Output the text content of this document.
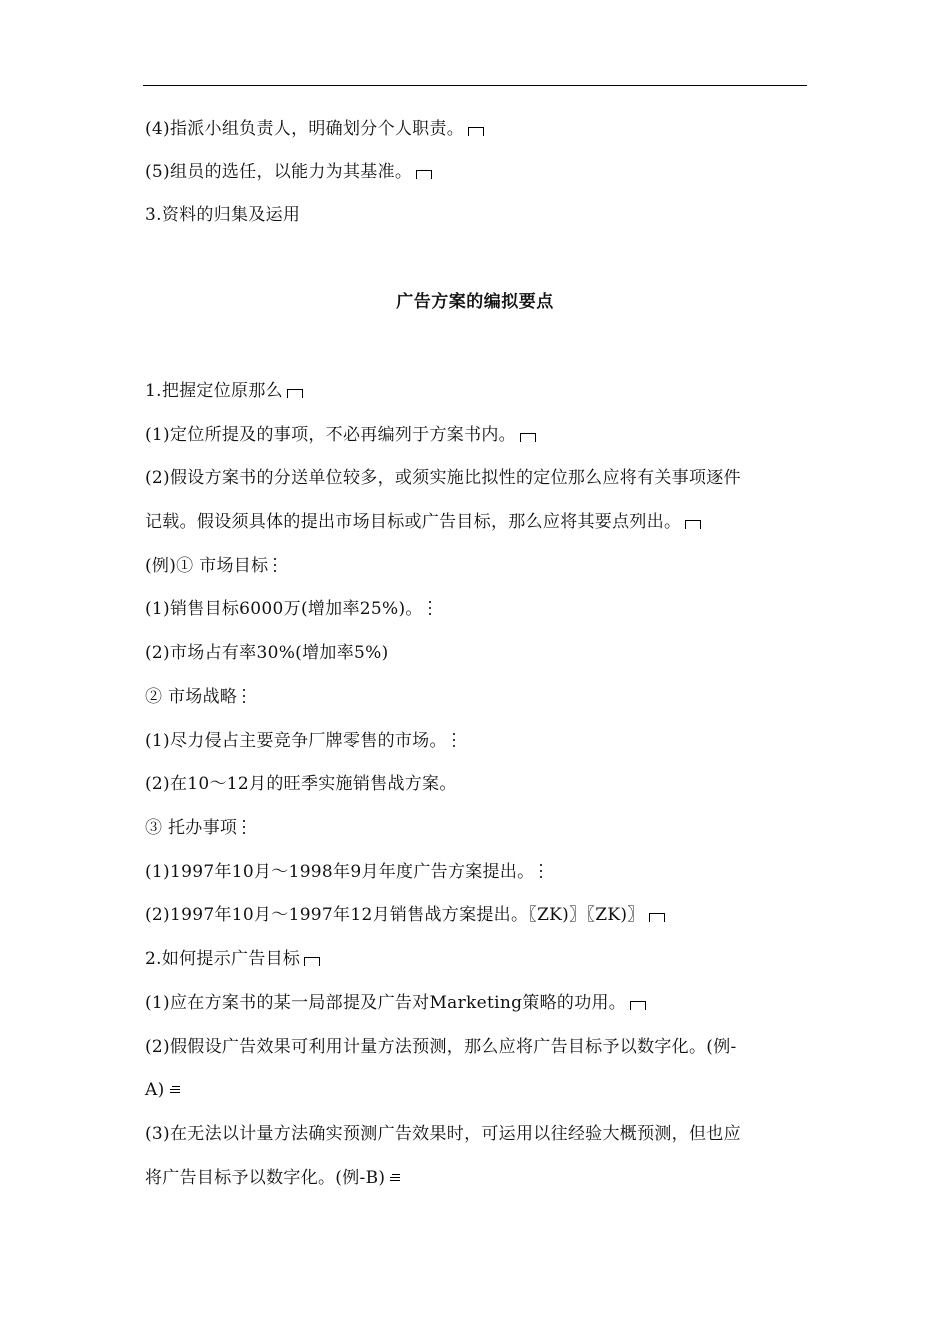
(4)指派小组负责人，明确划分个人职责。
(5)组员的选任，以能力为其基准。
3.资料的归集及运用
广告方案的编拟要点
1.把握定位原那么
(1)定位所提及的事项，不必再编列于方案书内。
(2)假设方案书的分送单位较多，或须实施比拟性的定位那么应将有关事项逐件
记载。假设须具体的提出市场目标或广告目标，那么应将其要点列出。
(例)① 市场目标
(1)销售目标6000万(增加率25%)。
(2)市场占有率30%(增加率5%)
② 市场战略
(1)尽力侵占主要竞争厂牌零售的市场。
(2)在10～12月的旺季实施销售战方案。
③ 托办事项
(1)1997年10月～1998年9月年度广告方案提出。
(2)1997年10月～1997年12月销售战方案提出。〖ZK)〗〖ZK)〗
2.如何提示广告目标
(1)应在方案书的某一局部提及广告对Marketing策略的功用。
(2)假假设广告效果可利用计量方法预测，那么应将广告目标予以数字化。(例-
A)
(3)在无法以计量方法确实预测广告效果时，可运用以往经验大概预测，但也应
将广告目标予以数字化。(例-B)
